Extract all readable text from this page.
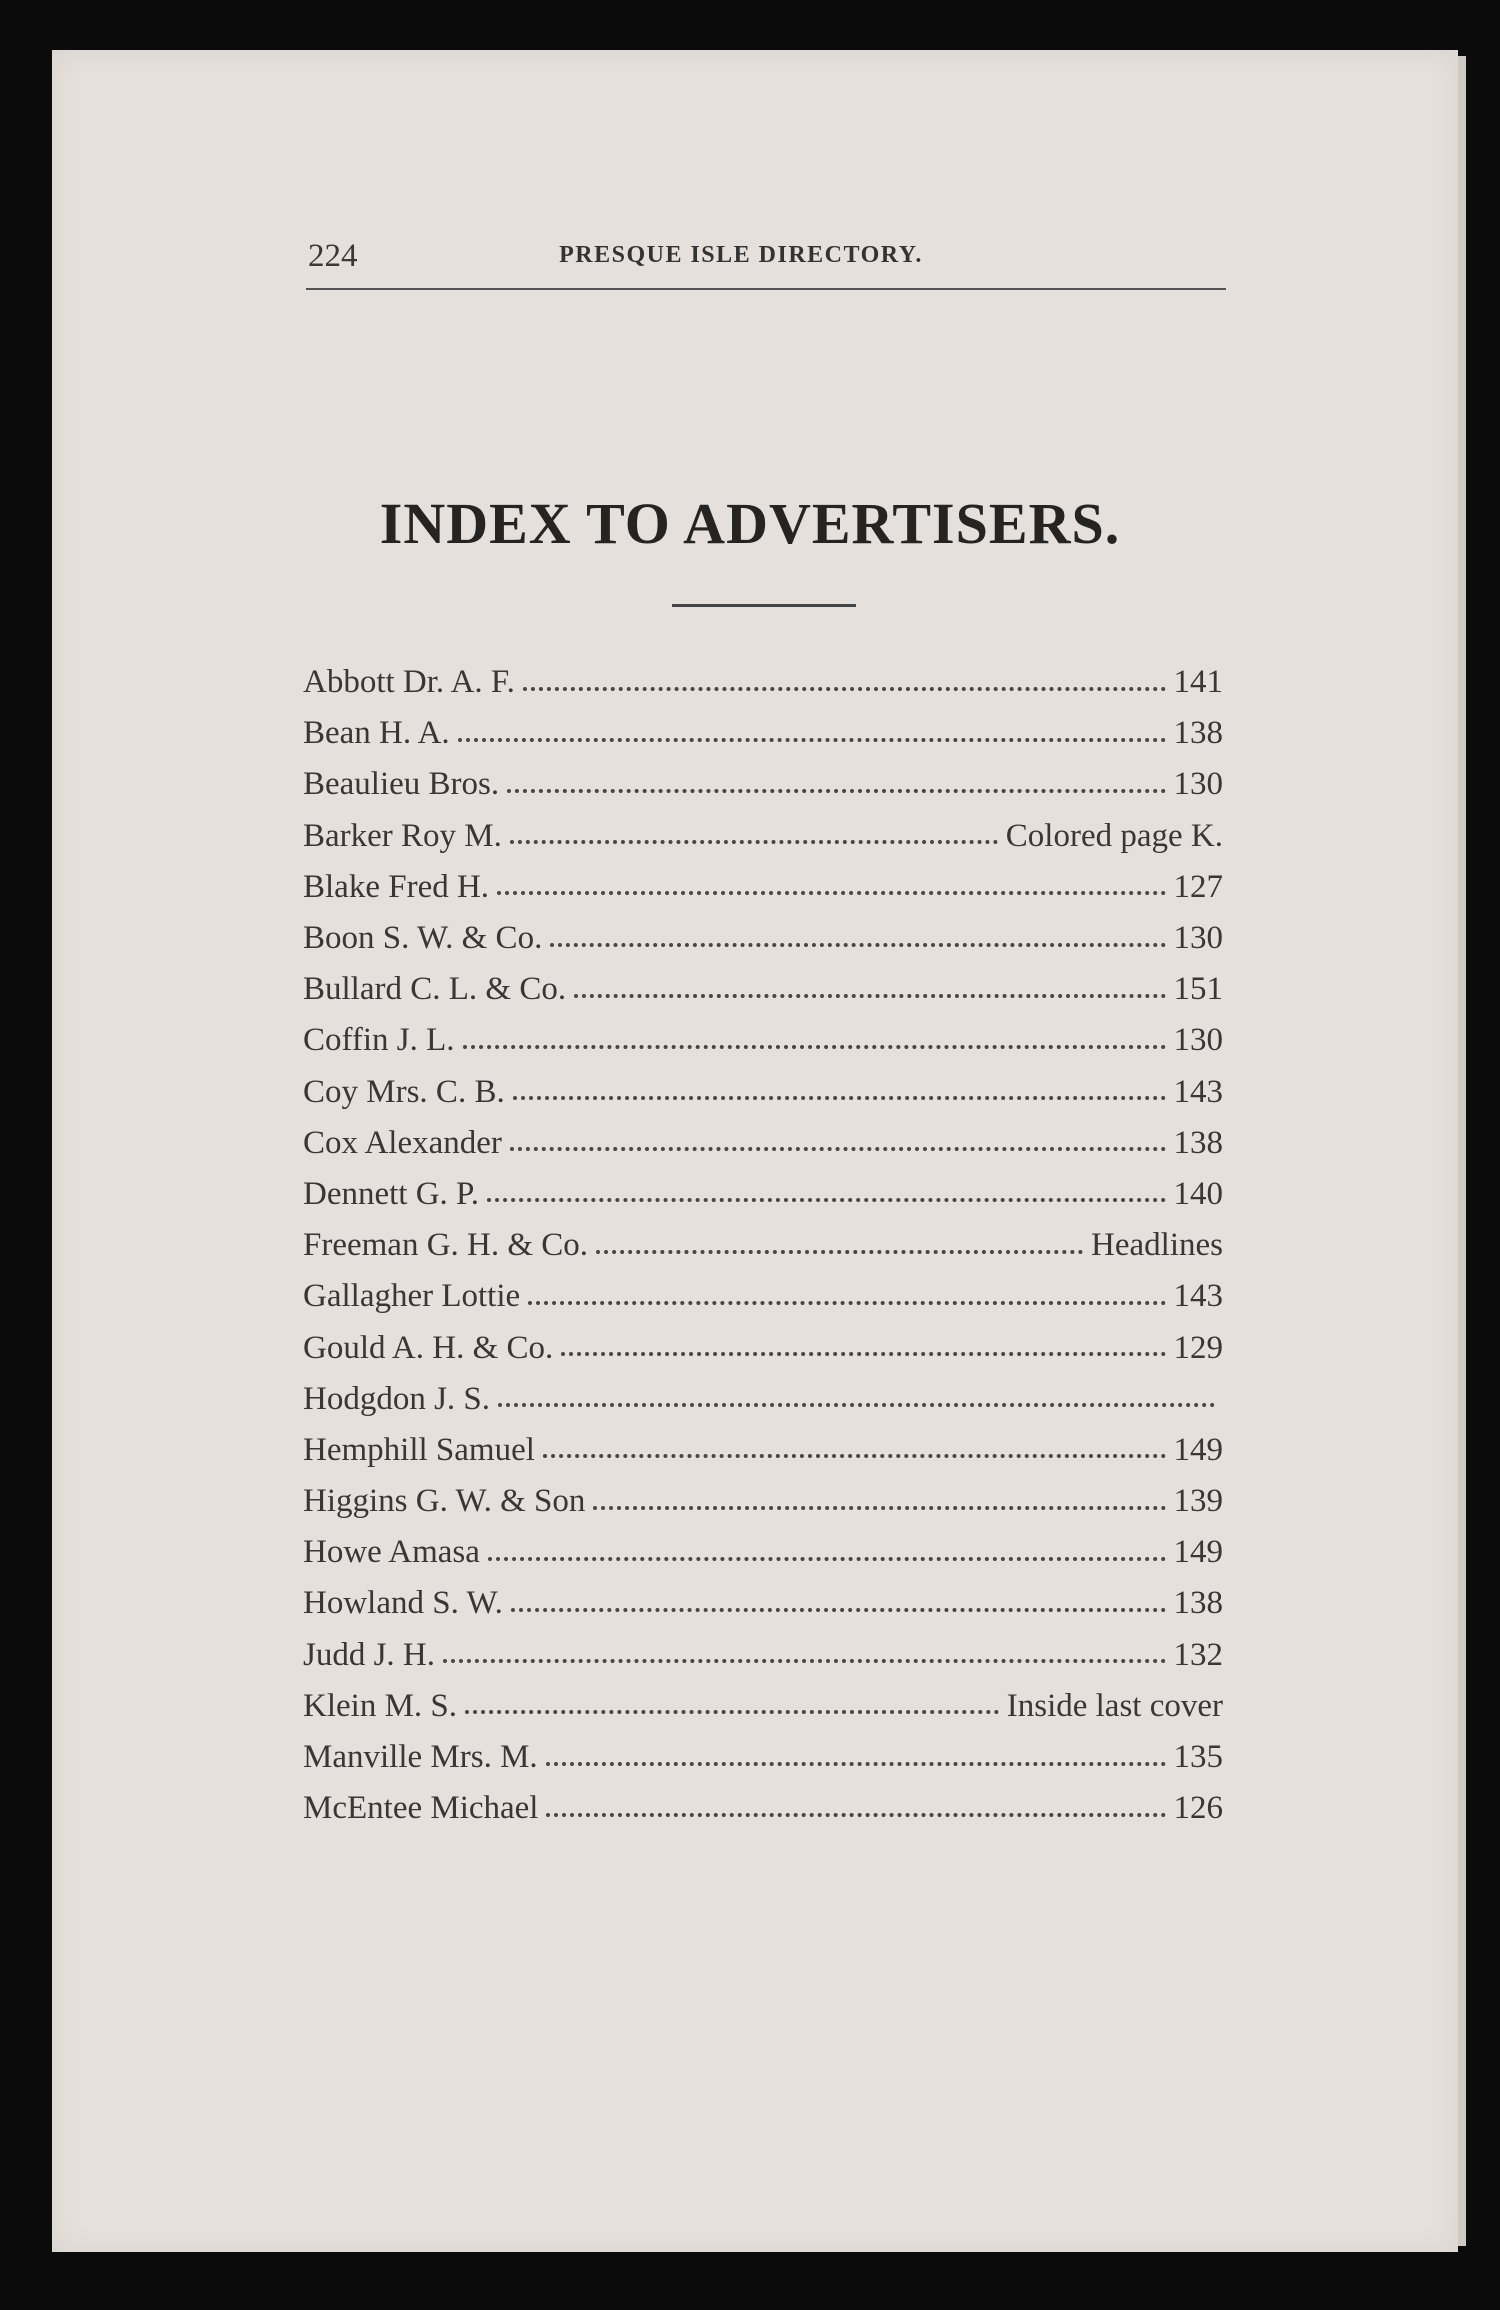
224	PRESQUE ISLE DIRECTORY.
INDEX TO ADVERTISERS.
Abbott Dr. A. F.	141
Bean H. A.	138
Beaulieu Bros.	130
Barker Roy M.	Colored page K.
Blake Fred H.	127
Boon S. W. & Co.	130
Bullard C. L. & Co.	151
Coffin J. L.	130
Coy Mrs. C. B.	143
Cox Alexander	138
Dennett G. P.	140
Freeman G. H. & Co.	Headlines
Gallagher Lottie	143
Gould A. H. & Co.	129
Hodgdon J. S.
Hemphill Samuel	149
Higgins G. W. & Son	139
Howe Amasa	149
Howland S. W.	138
Judd J. H.	132
Klein M. S.	Inside last cover
Manville Mrs. M.	135
McEntee Michael	126
